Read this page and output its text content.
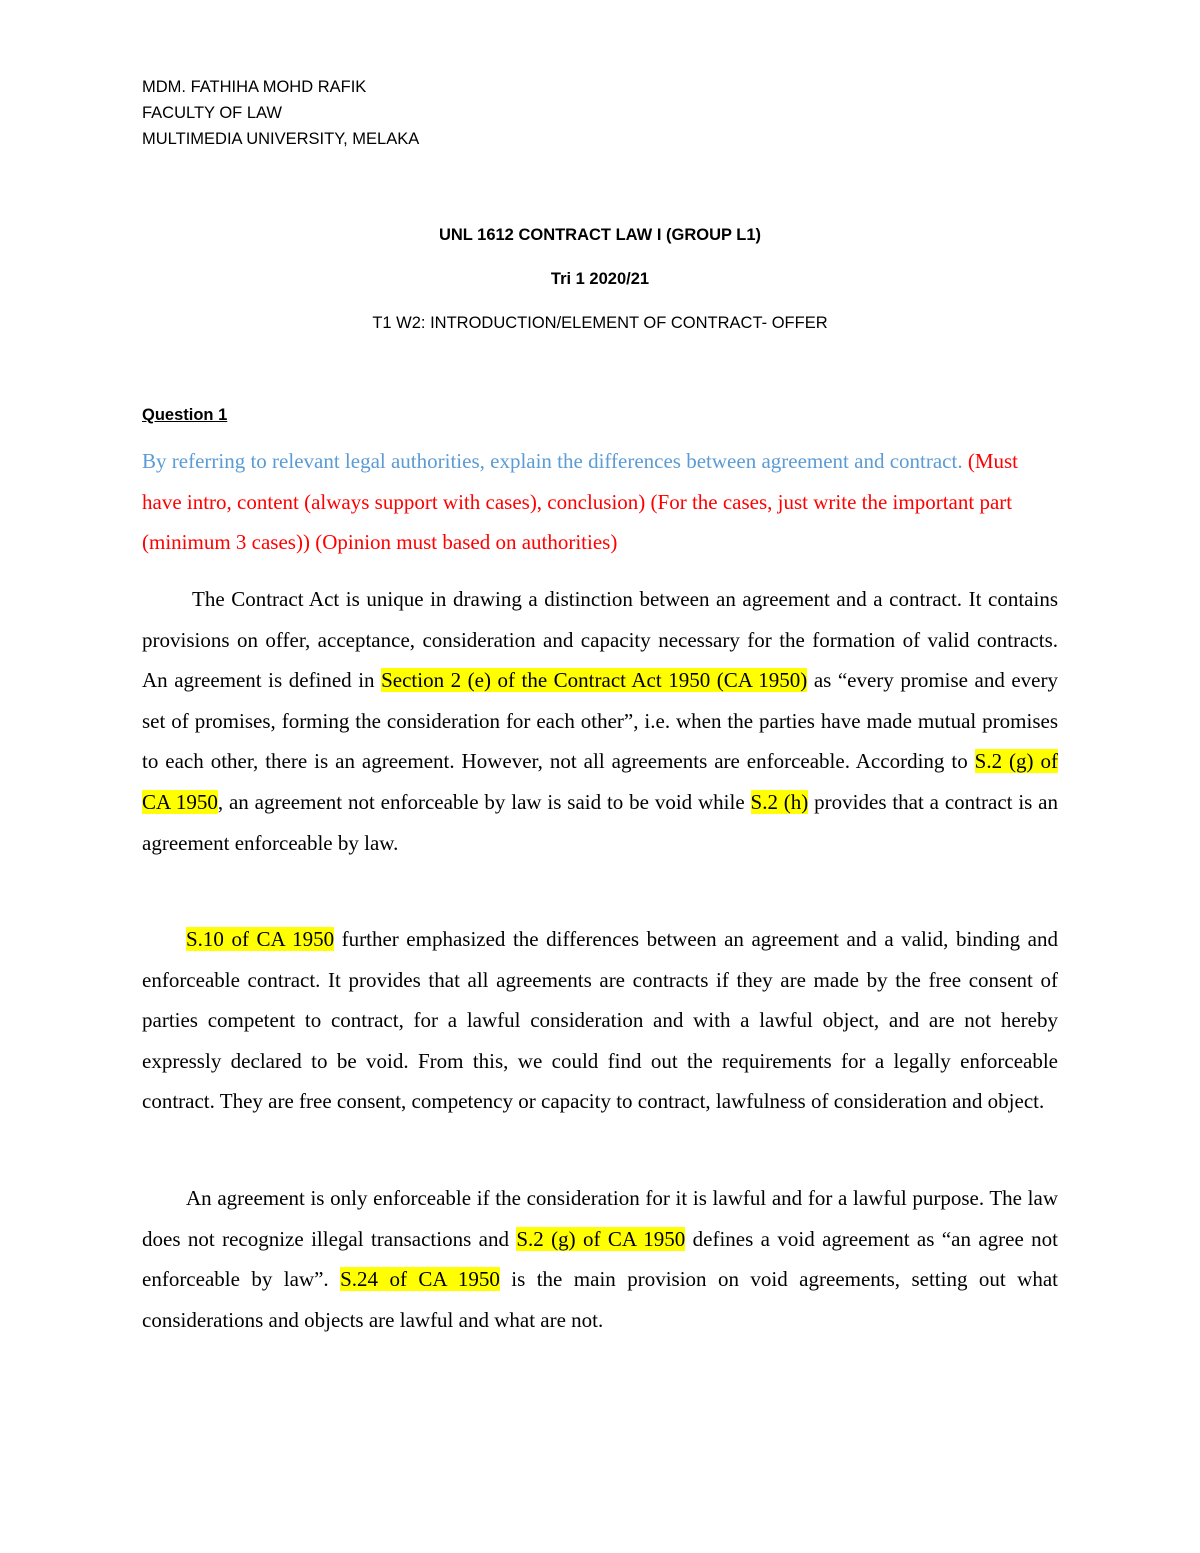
MDM. FATHIHA MOHD RAFIK
FACULTY OF LAW
MULTIMEDIA UNIVERSITY, MELAKA
UNL 1612 CONTRACT LAW I (GROUP L1)
Tri 1 2020/21
T1 W2: INTRODUCTION/ELEMENT OF CONTRACT- OFFER
Question 1
By referring to relevant legal authorities, explain the differences between agreement and contract. (Must have intro, content (always support with cases), conclusion) (For the cases, just write the important part (minimum 3 cases)) (Opinion must based on authorities)

The Contract Act is unique in drawing a distinction between an agreement and a contract. It contains provisions on offer, acceptance, consideration and capacity necessary for the formation of valid contracts. An agreement is defined in Section 2 (e) of the Contract Act 1950 (CA 1950) as “every promise and every set of promises, forming the consideration for each other”, i.e. when the parties have made mutual promises to each other, there is an agreement. However, not all agreements are enforceable. According to S.2 (g) of CA 1950, an agreement not enforceable by law is said to be void while S.2 (h) provides that a contract is an agreement enforceable by law.

S.10 of CA 1950 further emphasized the differences between an agreement and a valid, binding and enforceable contract. It provides that all agreements are contracts if they are made by the free consent of parties competent to contract, for a lawful consideration and with a lawful object, and are not hereby expressly declared to be void. From this, we could find out the requirements for a legally enforceable contract. They are free consent, competency or capacity to contract, lawfulness of consideration and object.

An agreement is only enforceable if the consideration for it is lawful and for a lawful purpose. The law does not recognize illegal transactions and S.2 (g) of CA 1950 defines a void agreement as “an agree not enforceable by law”. S.24 of CA 1950 is the main provision on void agreements, setting out what considerations and objects are lawful and what are not.
